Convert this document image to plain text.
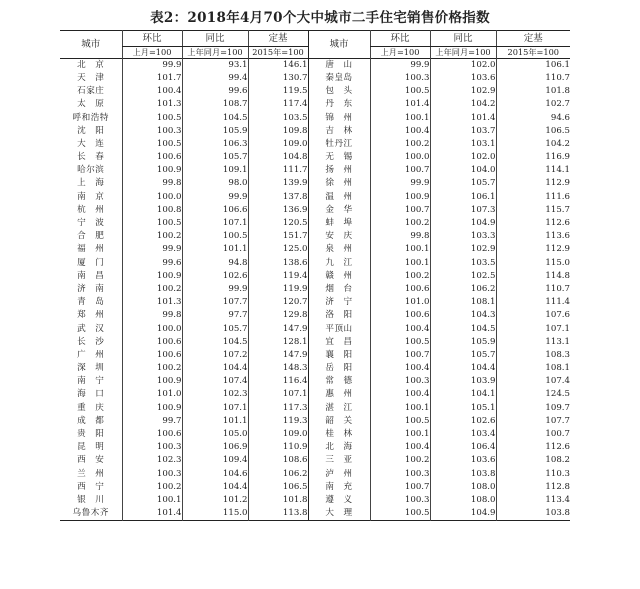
表2：2018年4月70个大中城市二手住宅销售价格指数
城市	环比	同比	定基	城市	环比	同比	定基
	上月=100	上年同月=100	2015年=100		上月=100	上年同月=100	2015年=100
北　京	99.9	93.1	146.1	唐　山	99.9	102.0	106.1
天　津	101.7	99.4	130.7	秦皇岛	100.3	103.6	110.7
石家庄	100.4	99.6	119.5	包　头	100.5	102.9	101.8
太　原	101.3	108.7	117.4	丹　东	101.4	104.2	102.7
呼和浩特	100.5	104.5	103.5	锦　州	100.1	101.4	94.6
沈　阳	100.3	105.9	109.8	吉　林	100.4	103.7	106.5
大　连	100.5	106.3	109.0	牡丹江	100.2	103.1	104.2
长　春	100.6	105.7	104.8	无　锡	100.0	102.0	116.9
哈尔滨	100.9	109.1	111.7	扬　州	100.7	104.0	114.1
上　海	99.8	98.0	139.9	徐　州	99.9	105.7	112.9
南　京	100.0	99.9	137.8	温　州	100.9	106.1	111.6
杭　州	100.8	106.6	136.9	金　华	100.7	107.3	115.7
宁　波	100.5	107.1	120.5	蚌　埠	100.2	104.9	112.6
合　肥	100.2	100.5	151.7	安　庆	99.8	103.3	113.6
福　州	99.9	101.1	125.0	泉　州	100.1	102.9	112.9
厦　门	99.6	94.8	138.6	九　江	100.1	103.5	115.0
南　昌	100.9	102.6	119.4	赣　州	100.2	102.5	114.8
济　南	100.2	99.9	119.9	烟　台	100.6	106.2	110.7
青　岛	101.3	107.7	120.7	济　宁	101.0	108.1	111.4
郑　州	99.8	97.7	129.8	洛　阳	100.6	104.3	107.6
武　汉	100.0	105.7	147.9	平顶山	100.4	104.5	107.1
长　沙	100.6	104.5	128.1	宜　昌	100.5	105.9	113.1
广　州	100.6	107.2	147.9	襄　阳	100.7	105.7	108.3
深　圳	100.2	104.4	148.3	岳　阳	100.4	104.4	108.1
南　宁	100.9	107.4	116.4	常　德	100.3	103.9	107.4
海　口	101.0	102.3	107.1	惠　州	100.4	104.1	124.5
重　庆	100.9	107.1	117.3	湛　江	100.1	105.1	109.7
成　都	99.7	101.1	119.3	韶　关	100.5	102.6	107.7
贵　阳	100.6	105.0	109.0	桂　林	100.1	103.4	100.7
昆　明	100.3	106.9	110.9	北　海	100.4	106.4	112.6
西　安	102.3	109.4	108.6	三　亚	100.2	103.6	108.2
兰　州	100.3	104.6	106.2	泸　州	100.3	103.8	110.3
西　宁	100.2	104.4	106.5	南　充	100.7	108.0	112.8
银　川	100.1	101.2	101.8	遵　义	100.3	108.0	113.4
乌鲁木齐	101.4	115.0	113.8	大　理	100.5	104.9	103.8
